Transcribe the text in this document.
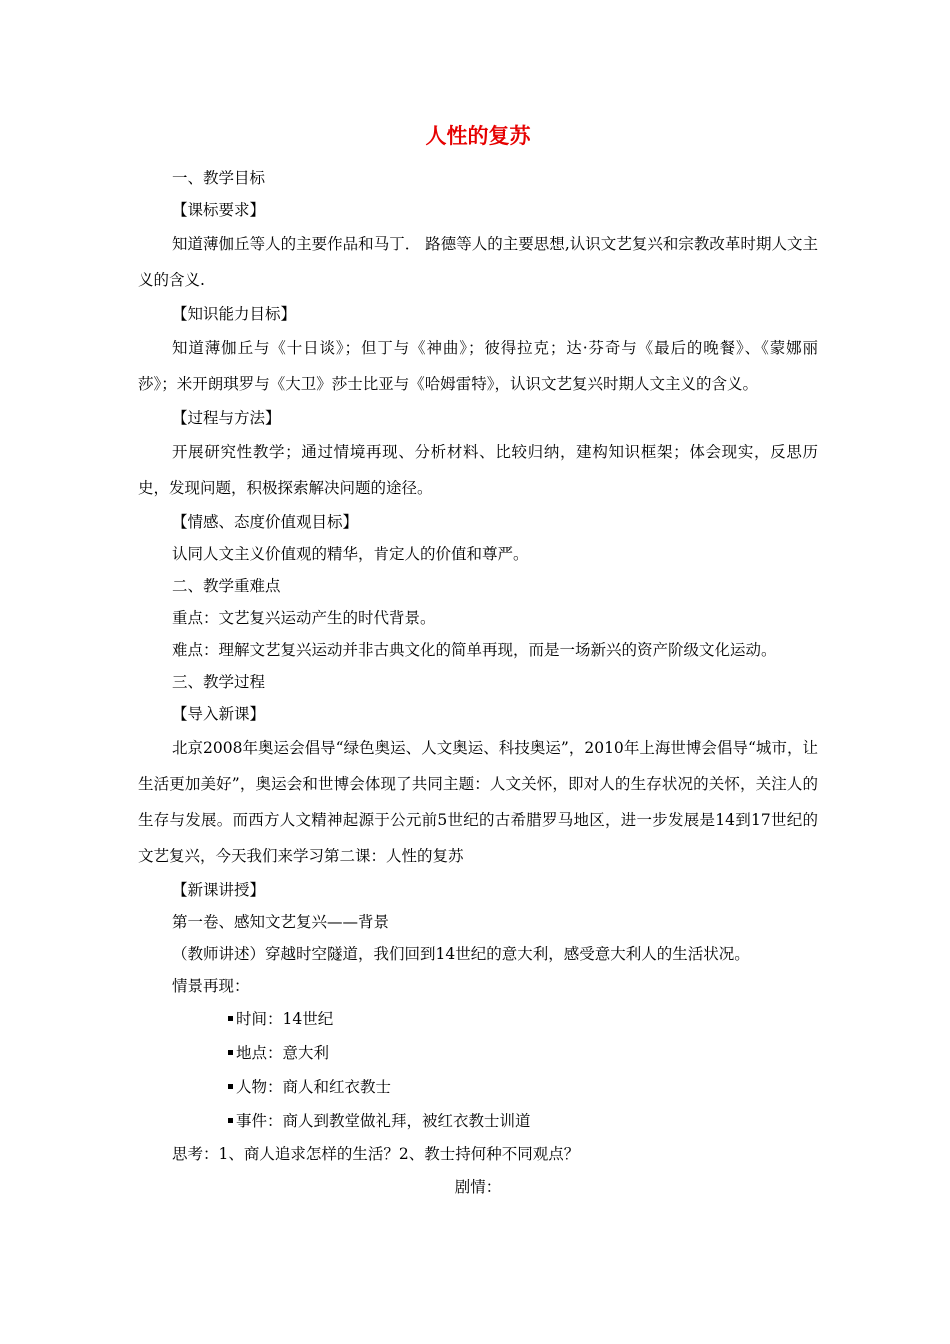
人性的复苏

一、教学目标

【课标要求】

知道薄伽丘等人的主要作品和马丁． 路德等人的主要思想,认识文艺复兴和宗教改革时期人文主义的含义.

【知识能力目标】

知道薄伽丘与《十日谈》；但丁与《神曲》；彼得拉克；达·芬奇与《最后的晚餐》、《蒙娜丽莎》；米开朗琪罗与《大卫》莎士比亚与《哈姆雷特》，认识文艺复兴时期人文主义的含义。

【过程与方法】

开展研究性教学；通过情境再现、分析材料、比较归纳，建构知识框架；体会现实，反思历史，发现问题，积极探索解决问题的途径。

【情感、态度价值观目标】

认同人文主义价值观的精华，肯定人的价值和尊严。

二、教学重难点

重点：文艺复兴运动产生的时代背景。

难点：理解文艺复兴运动并非古典文化的简单再现，而是一场新兴的资产阶级文化运动。

三、教学过程

【导入新课】

北京2008年奥运会倡导“绿色奥运、人文奥运、科技奥运”，2010年上海世博会倡导“城市，让生活更加美好”，奥运会和世博会体现了共同主题：人文关怀，即对人的生存状况的关怀，关注人的生存与发展。而西方人文精神起源于公元前5世纪的古希腊罗马地区，进一步发展是14到17世纪的文艺复兴，今天我们来学习第二课：人性的复苏

【新课讲授】

第一卷、感知文艺复兴——背景

（教师讲述）穿越时空隧道，我们回到14世纪的意大利，感受意大利人的生活状况。

情景再现：

时间：14世纪

地点：意大利

人物：商人和红衣教士

事件：商人到教堂做礼拜，被红衣教士训道

思考：1、商人追求怎样的生活？2、教士持何种不同观点？

剧情：
